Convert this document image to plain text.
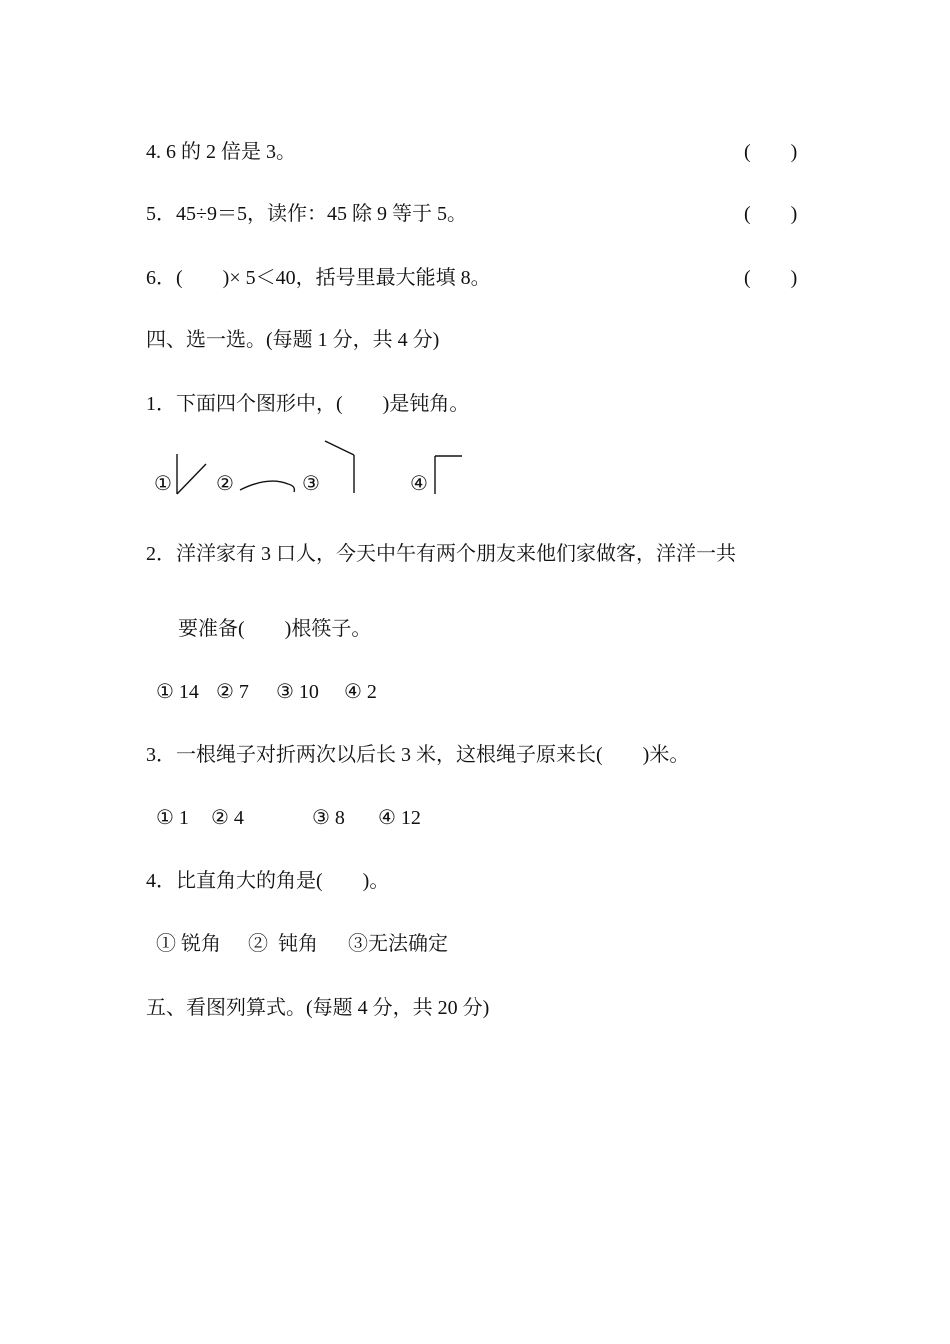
4. 6 的 2 倍是 3。	(        )
5．45÷9＝5，读作：45 除 9 等于 5。	(        )
6．(        )× 5＜40，括号里最大能填 8。	(        )
四、选一选。(每题 1 分，共 4 分)
1．下面四个图形中，(        )是钝角。
① ②	③	④
2．洋洋家有 3 口人，今天中午有两个朋友来他们家做客，洋洋一共
要准备(        )根筷子。
① 14 ② 7 ③ 10 ④ 2
3．一根绳子对折两次以后长 3 米，这根绳子原来长(        )米。
① 1 ② 4	③ 8 ④ 12
4．比直角大的角是(        )。
① 锐角 ②  钝角 ③无法确定
五、看图列算式。(每题 4 分，共 20 分)
